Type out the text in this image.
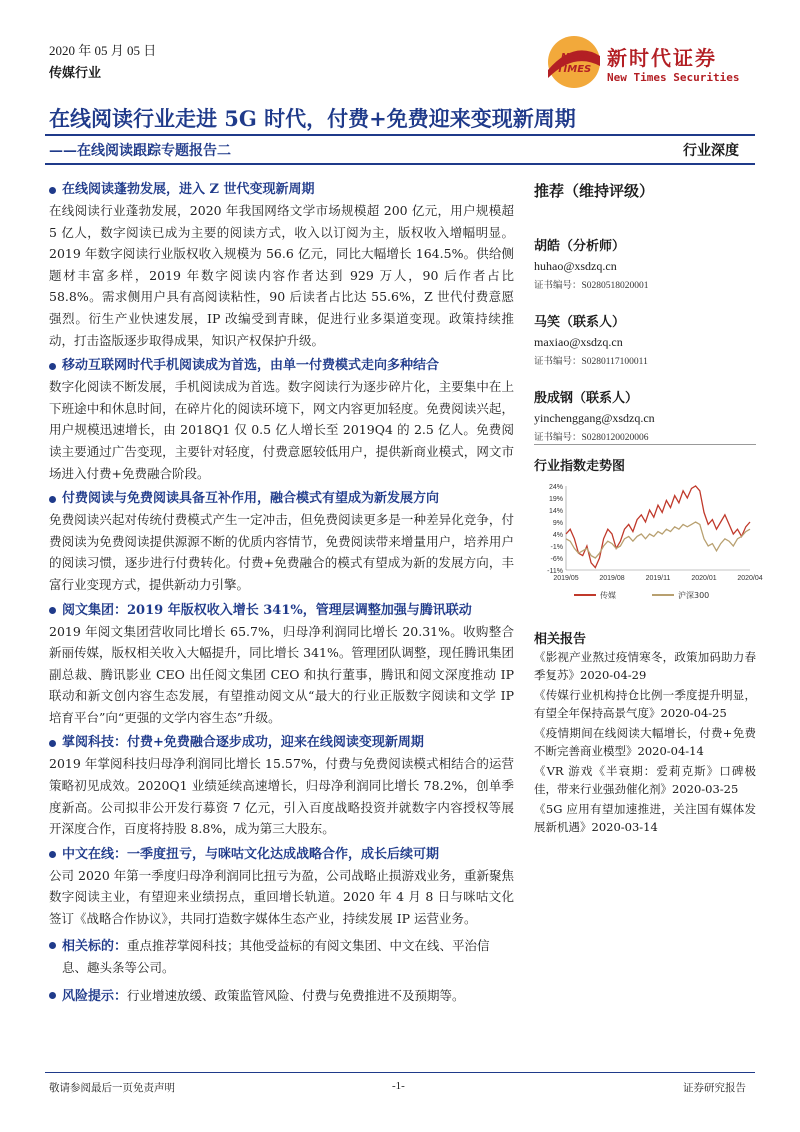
2020 年 05 月 05 日
传媒行业
NEW
TIMES 新时代证券
New Times Securities
在线阅读行业走进 5G 时代，付费+免费迎来变现新周期
——在线阅读跟踪专题报告二	行业深度
在线阅读蓬勃发展，进入 Z 世代变现新周期
在线阅读行业蓬勃发展，2020 年我国网络文学市场规模超 200 亿元，用户规模超 5 亿人，数字阅读已成为主要的阅读方式，收入以订阅为主，版权收入增幅明显。2019 年数字阅读行业版权收入规模为 56.6 亿元，同比大幅增长 164.5%。供给侧题材丰富多样，2019 年数字阅读内容作者达到 929 万人，90 后作者占比 58.8%。需求侧用户具有高阅读粘性，90 后读者占比达 55.6%，Z 世代付费意愿强烈。衍生产业快速发展，IP 改编受到青睐，促进行业多渠道变现。政策持续推动，打击盗版逐步取得成果，知识产权保护升级。
移动互联网时代手机阅读成为首选，由单一付费模式走向多种结合
数字化阅读不断发展，手机阅读成为首选。数字阅读行为逐步碎片化，主要集中在上下班途中和休息时间，在碎片化的阅读环境下，网文内容更加轻度。免费阅读兴起，用户规模迅速增长，由 2018Q1 仅 0.5 亿人增长至 2019Q4 的 2.5 亿人。免费阅读主要通过广告变现，主要针对轻度，付费意愿较低用户，提供新商业模式，网文市场进入付费+免费融合阶段。
付费阅读与免费阅读具备互补作用，融合模式有望成为新发展方向
免费阅读兴起对传统付费模式产生一定冲击，但免费阅读更多是一种差异化竞争，付费阅读为免费阅读提供源源不断的优质内容情节，免费阅读带来增量用户，培养用户的阅读习惯，逐步进行付费转化。付费+免费融合的模式有望成为新的发展方向，丰富行业变现方式，提供新动力引擎。
阅文集团：2019 年版权收入增长 341%，管理层调整加强与腾讯联动
2019 年阅文集团营收同比增长 65.7%，归母净利润同比增长 20.31%。收购整合新丽传媒，版权相关收入大幅提升，同比增长 341%。管理团队调整，现任腾讯集团副总裁、腾讯影业 CEO 出任阅文集团 CEO 和执行董事，腾讯和阅文深度推动 IP 联动和新文创内容生态发展，有望推动阅文从“最大的行业正版数字阅读和文学 IP 培育平台”向“更强的文学内容生态”升级。
掌阅科技：付费+免费融合逐步成功，迎来在线阅读变现新周期
2019 年掌阅科技归母净利润同比增长 15.57%，付费与免费阅读模式相结合的运营策略初见成效。2020Q1 业绩延续高速增长，归母净利润同比增长 78.2%，创单季度新高。公司拟非公开发行募资 7 亿元，引入百度战略投资并就数字内容授权等展开深度合作，百度将持股 8.8%，成为第三大股东。
中文在线：一季度扭亏，与咪咕文化达成战略合作，成长后续可期
公司 2020 年第一季度归母净利润同比扭亏为盈，公司战略止损游戏业务，重新聚焦数字阅读主业，有望迎来业绩拐点，重回增长轨道。2020 年 4 月 8 日与咪咕文化签订《战略合作协议》，共同打造数字媒体生态产业，持续发展 IP 运营业务。
相关标的：重点推荐掌阅科技；其他受益标的有阅文集团、中文在线、平治信息、趣头条等公司。
风险提示：行业增速放缓、政策监管风险、付费与免费推进不及预期等。
推荐（维持评级）
胡皓（分析师）
huhao@xsdzq.cn
证书编号：S0280518020001
马笑（联系人）
maxiao@xsdzq.cn
证书编号：S0280117100011
殷成钢（联系人）
yinchenggang@xsdzq.cn
证书编号：S0280120020006
行业指数走势图
24%
19%
14%
9%
4%
-1%
-6%
-11%
2019/05	2019/08	2019/11	2020/01	2020/04
传媒	沪深300
相关报告
《影视产业熬过疫情寒冬，政策加码助力春季复苏》2020-04-29
《传媒行业机构持仓比例一季度提升明显，有望全年保持高景气度》2020-04-25
《疫情期间在线阅读大幅增长，付费+免费不断完善商业模型》2020-04-14
《VR 游戏《半衰期：爱莉克斯》口碑极佳，带来行业强劲催化剂》2020-03-25
《5G 应用有望加速推进，关注国有媒体发展新机遇》2020-03-14
敬请参阅最后一页免责声明	-1-	证券研究报告
